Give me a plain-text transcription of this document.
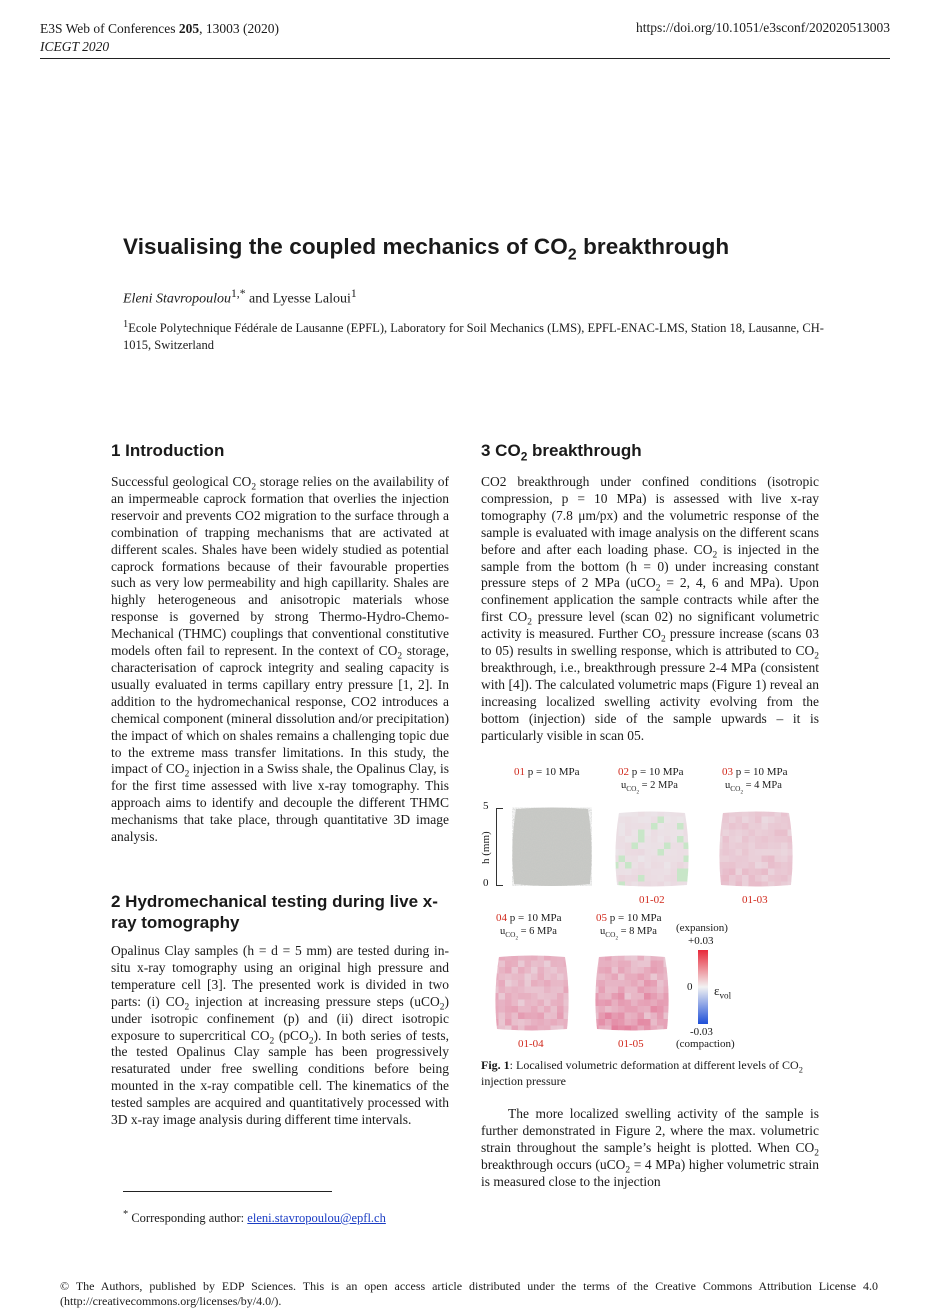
E3S Web of Conferences 205, 13003 (2020)
ICEGT 2020
https://doi.org/10.1051/e3sconf/202020513003
Visualising the coupled mechanics of $CO_2$ breakthrough
Eleni Stavropoulou$^{1,*}$ and Lyesse Laloui$^1$
$^1$Ecole Polytechnique Fédérale de Lausanne (EPFL), Laboratory for Soil Mechanics (LMS), EPFL-ENAC-LMS, Station 18, Lausanne, CH-1015, Switzerland
1 Introduction	3 $CO_2$ breakthrough
2 Hydromechanical testing during live x-ray tomography
Successful geological $CO_2$ storage relies on the availability of an impermeable caprock formation that overlies the injection reservoir and prevents CO2 migration to the surface through a combination of trapping mechanisms that are activated at different scales. Shales have been widely studied as potential caprock formations because of their favourable properties such as very low permeability and high capillarity. Shales are highly heterogeneous and anisotropic materials whose response is governed by strong Thermo-Hydro-Chemo-Mechanical (THMC) couplings that conventional constitutive models often fail to represent. In the context of $CO_2$ storage, characterisation of caprock integrity and sealing capacity is usually evaluated in terms capillary entry pressure [1, 2]. In addition to the hydromechanical response, CO2 introduces a chemical component (mineral dissolution and/or precipitation) the impact of which on shales remains a challenging topic due to the extreme mass transfer limitations. In this study, the impact of $CO_2$ injection in a Swiss shale, the Opalinus Clay, is for the first time assessed with live x-ray tomography. This approach aims to identify and decouple the different THMC mechanisms that take place, through quantitative 3D image analysis.
Opalinus Clay samples (h = d = 5 mm) are tested during in-situ x-ray tomography using an original high pressure and temperature cell [3]. The presented work is divided in two parts: (i) $CO_2$ injection at increasing pressure steps (uCO$_2$) under isotropic confinement (p) and (ii) direct isotropic exposure to supercritical $CO_2$ (pCO$_2$). In both series of tests, the tested Opalinus Clay sample has been progressively resaturated under free swelling conditions before being mounted in the x-ray compatible cell. The kinematics of the tested samples are acquired and quantitatively processed with 3D x-ray image analysis during different time intervals.
CO2 breakthrough under confined conditions (isotropic compression, p = 10 MPa) is assessed with live x-ray tomography (7.8 μm/px) and the volumetric response of the sample is evaluated with image analysis on the different scans before and after each loading phase. $CO_2$ is injected in the sample from the bottom (h = 0) under increasing constant pressure steps of 2 MPa (uCO$_2$ = 2, 4, 6 and MPa). Upon confinement application the sample contracts while after the first $CO_2$ pressure level (scan 02) no significant volumetric activity is measured. Further $CO_2$ pressure increase (scans 03 to 05) results in swelling response, which is attributed to $CO_2$ breakthrough, i.e., breakthrough pressure 2-4 MPa (consistent with [4]). The calculated volumetric maps (Figure 1) reveal an increasing localized swelling activity evolving from the bottom (injection) side of the sample upwards – it is particularly visible in scan 05.
01 p = 10 MPa	02 p = 10 MPa
$u_{CO_2} = 2$ MPa
03 p = 10 MPa
$u_{CO_2} = 4$ MPa
h (mm)
5
0
01-02	01-03
04 p = 10 MPa
$u_{CO_2} = 6$ MPa
05 p = 10 MPa
$u_{CO_2} = 8$ MPa
01-04	01-05
(expansion)
+0.03
0 $\varepsilon_{vol}$
-0.03
(compaction)
Fig. 1: Localised volumetric deformation at different levels of $CO_2$ injection pressure
The more localized swelling activity of the sample is further demonstrated in Figure 2, where the max. volumetric strain throughout the sample’s height is plotted. When $CO_2$ breakthrough occurs (uCO$_2$ = 4 MPa) higher volumetric strain is measured close to the injection
* Corresponding author: eleni.stavropoulou@epfl.ch
© The Authors, published by EDP Sciences. This is an open access article distributed under the terms of the Creative Commons Attribution License 4.0 (http://creativecommons.org/licenses/by/4.0/).
